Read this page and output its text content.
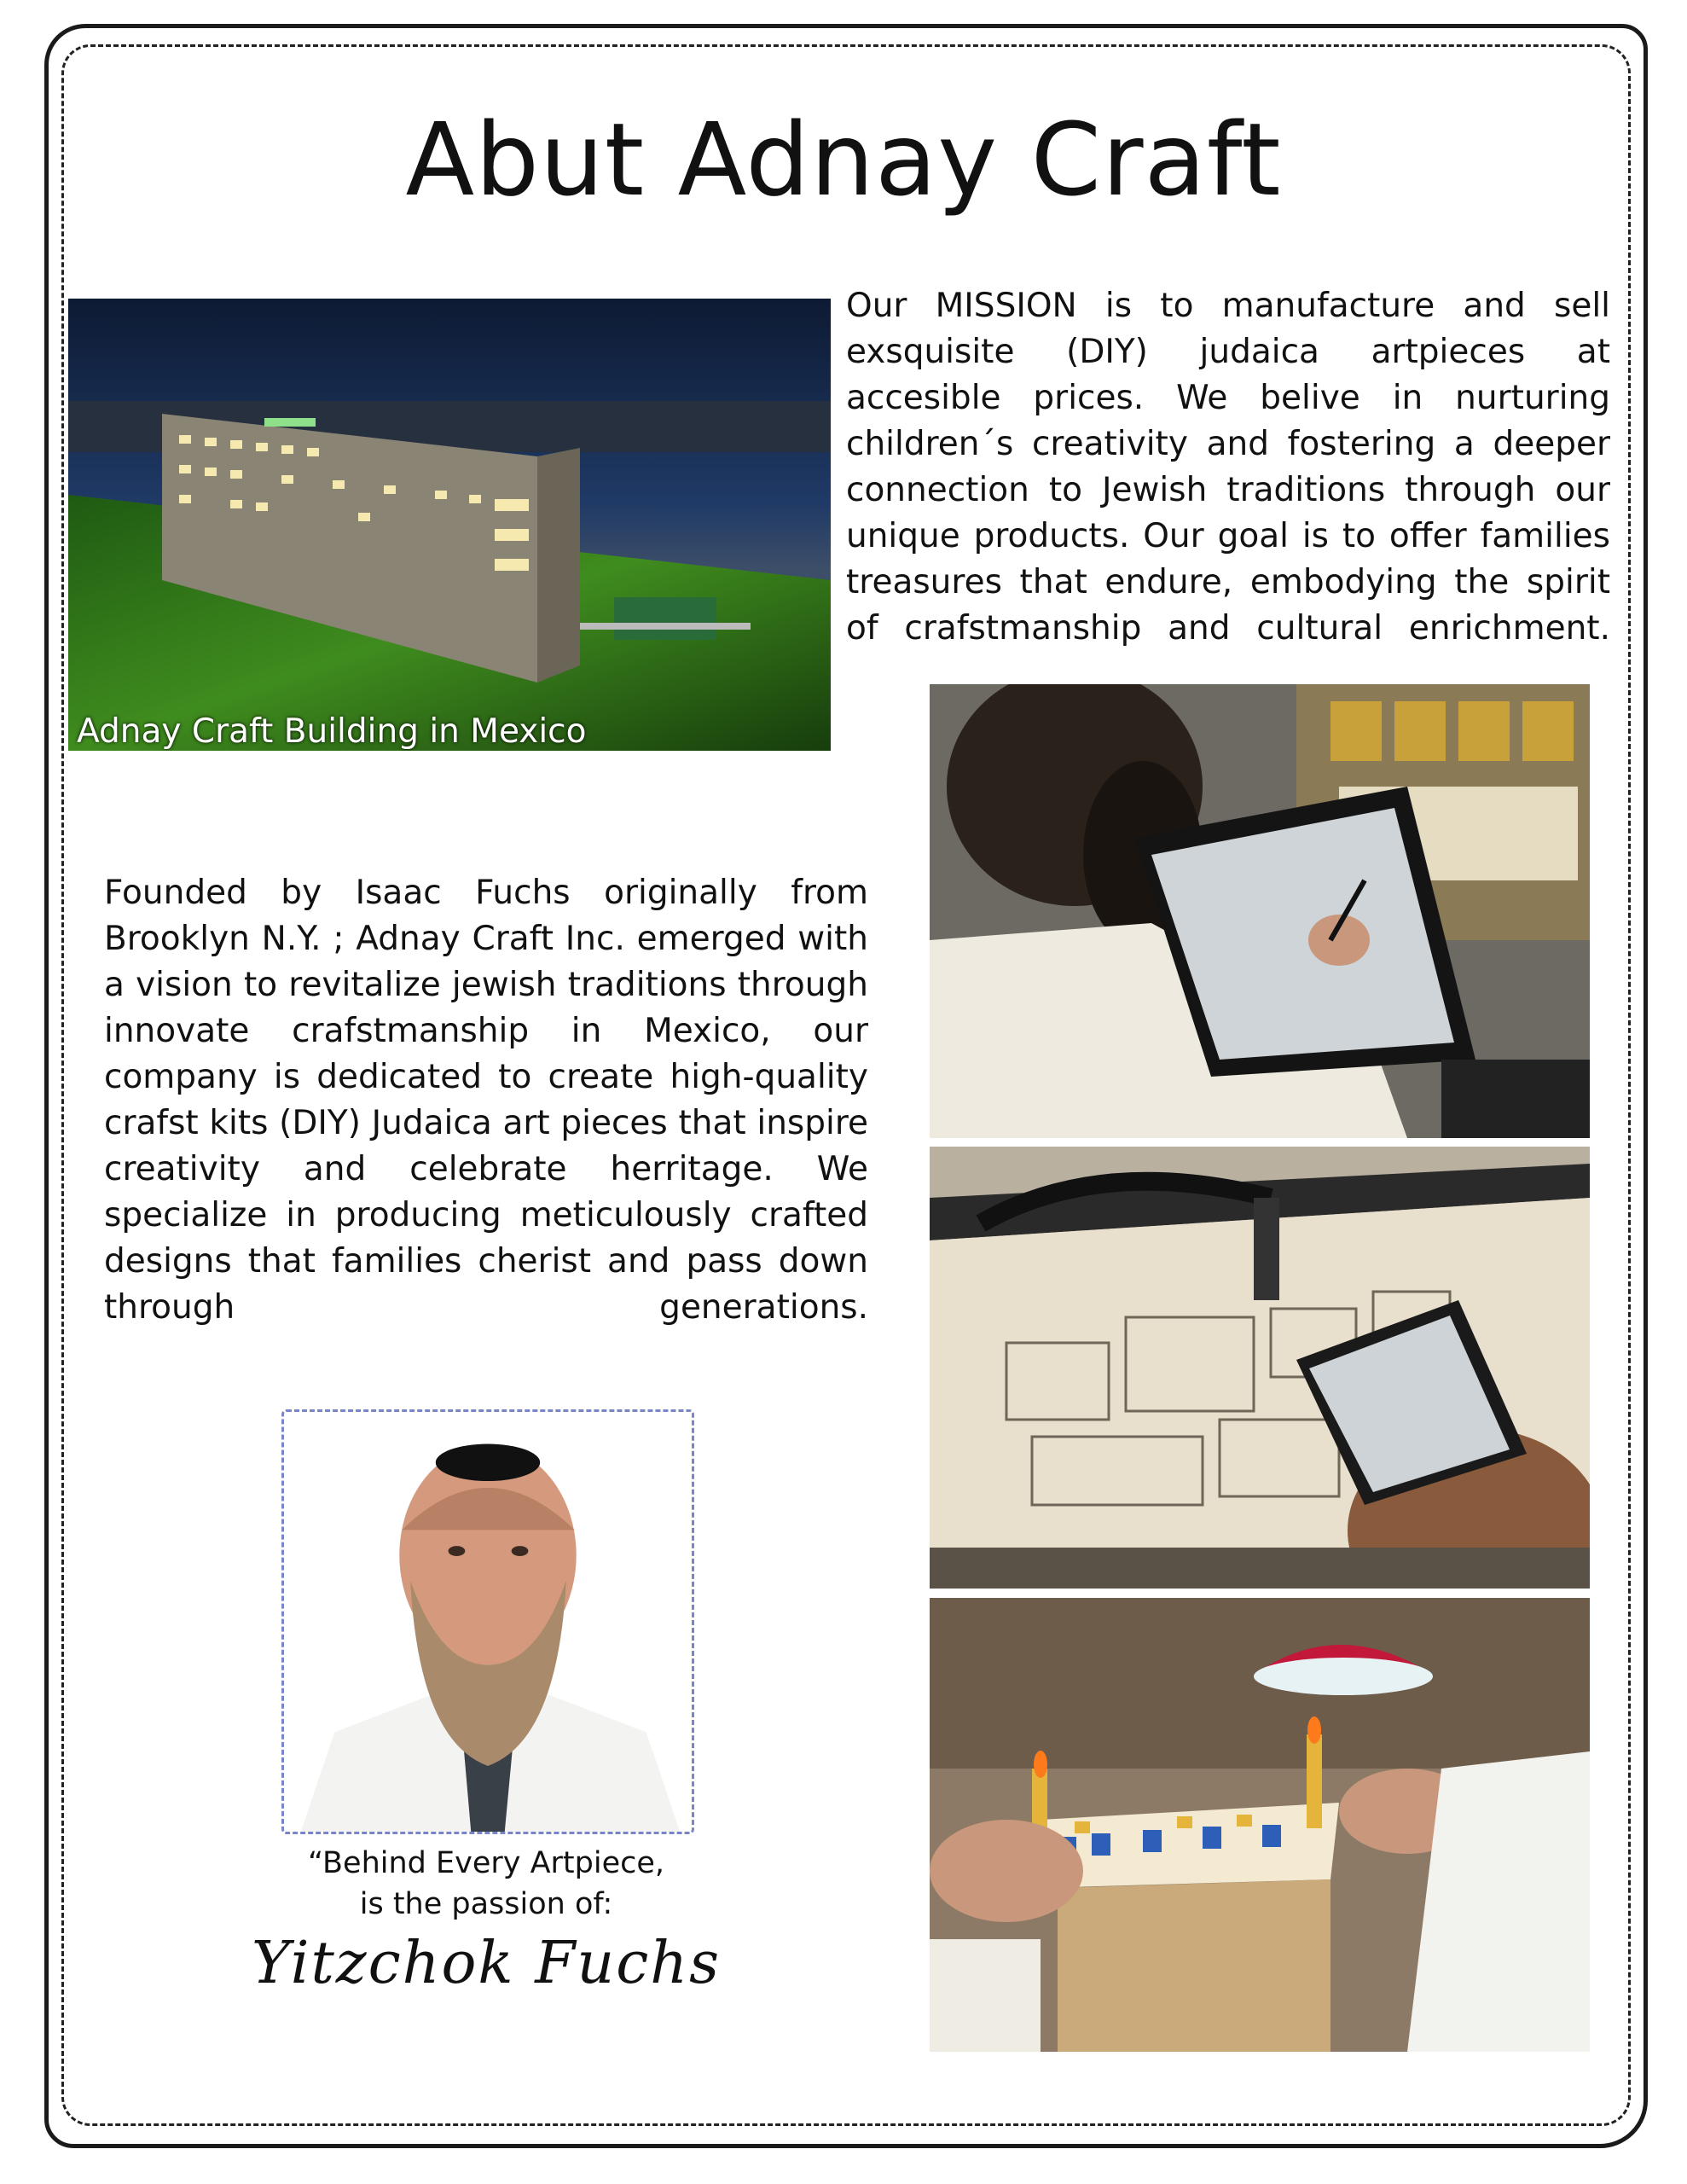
Abut Adnay Craft
Adnay Craft Building in Mexico

Our MISSION is to manufacture and sell exsquisite (DIY) judaica artpieces at accesible prices. We belive in nurturing children´s creativity and fostering a deeper connection to Jewish traditions through our unique products. Our goal is to offer families treasures that endure, embodying the spirit of crafstmanship and cultural enrichment.

Founded by Isaac Fuchs originally from Brooklyn N.Y. ; Adnay Craft Inc. emerged with a vision to revitalize jewish traditions through innovate crafstmanship in Mexico, our company is dedicated to create high-quality crafst kits (DIY) Judaica art pieces that inspire creativity and celebrate herritage. We specialize in producing meticulously crafted designs that families cherist and pass down through generations.

“Behind Every Artpiece,
is the passion of:

Yitzchok Fuchs
